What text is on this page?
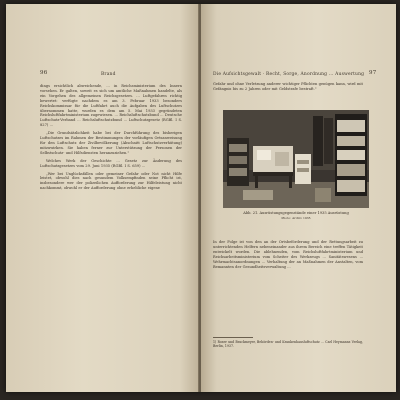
96	Brand

dings ersichtlich abweichende, ... in Reichsministerium des Innern vorsehen. Er galten, soweit es sich um amtliche Maßnahmen handelte, als ein Vorgehen des allgemeinen Reichsgesetzes. ... Luftgefahren richtig bewertet: verfügte nachdem es am 3. Februar 1933 besonders Reichskommissar für die Luftfahrt auch die Aufgaben des Luftschutzes übernommen hatte, wurden es dem am 5. Mai 1933 gegründeten Reichsluftfahrtministerium zugewiesen. ... Reichsluftschutzbund ... Deutsche Luftschutz-Verband ... Reichsluftschutzbund ... Luftschutzgesetz (RGBl. I S. 827) ...

„Die Grundsätzlichkeit habe bei der Durchführung des bisherigen Luftschutzes im Rahmen der Bestimmungen der vorläufigen Ortsanweisung für den Luftschutz der Zivilbevölkerung (Abschnitt Luftschutzverhütung) mitzuwirken. Sie haben ferner zur Unterstützung der Personen der Selbstschutz- und Hilfsdiensten heranzuziehen."

Welches Werk der Geschichte ... Gesetz zur Änderung des Luftschutzgesetzes vom 29. Juni 1935 (RGBl. I S. 659) ...

„Wer bei Unglücksfällen oder gemeiner Gefahr oder Not nicht Hilfe leistet, obwohl dies nach gesundem Volksempfinden seine Pflicht ist, insbesondere wer der polizeilichen Aufforderung zur Hilfeleistung nicht nachkommt, obwohl er der Aufforderung ohne erhebliche eigene

Die Aufsichtsgewalt · Recht, Sorge, Anordnung ... Auswertung 97
Gefahr und ohne Verletzung anderer wichtiger Pflichten genügen kann, wird mit Gefängnis bis zu 2 Jahren oder mit Geldstrafe bestraft."
Abb. 21. Ausrüstungsgegenstände einer 1935 Ausrüstung
Photo: Archiv 1935
In der Folge ist von den an der Ortsbeförderung und der Rettungsarbeit zu unterrichtenden Helfern nebeneinander aus ihrem Bereich eine treffen Tätigkeit entwickelt worden. Die ablehnenden, vom Reichsluftfahrtministerium und Reichsarbeitsministerium vom Scheiter des Werkzeugs ... Sanitätswesens ... Wehrmachtsanordnungen ... Verhaltung der an Maßnahmen der Anstalten, vom Bemannten der Gesundheitsverwaltung ...
1) Roser und Brackmeyer, Behörden- und Krankenhausluftschutz ... Carl Heymanns Verlag, Berlin, 1937.
